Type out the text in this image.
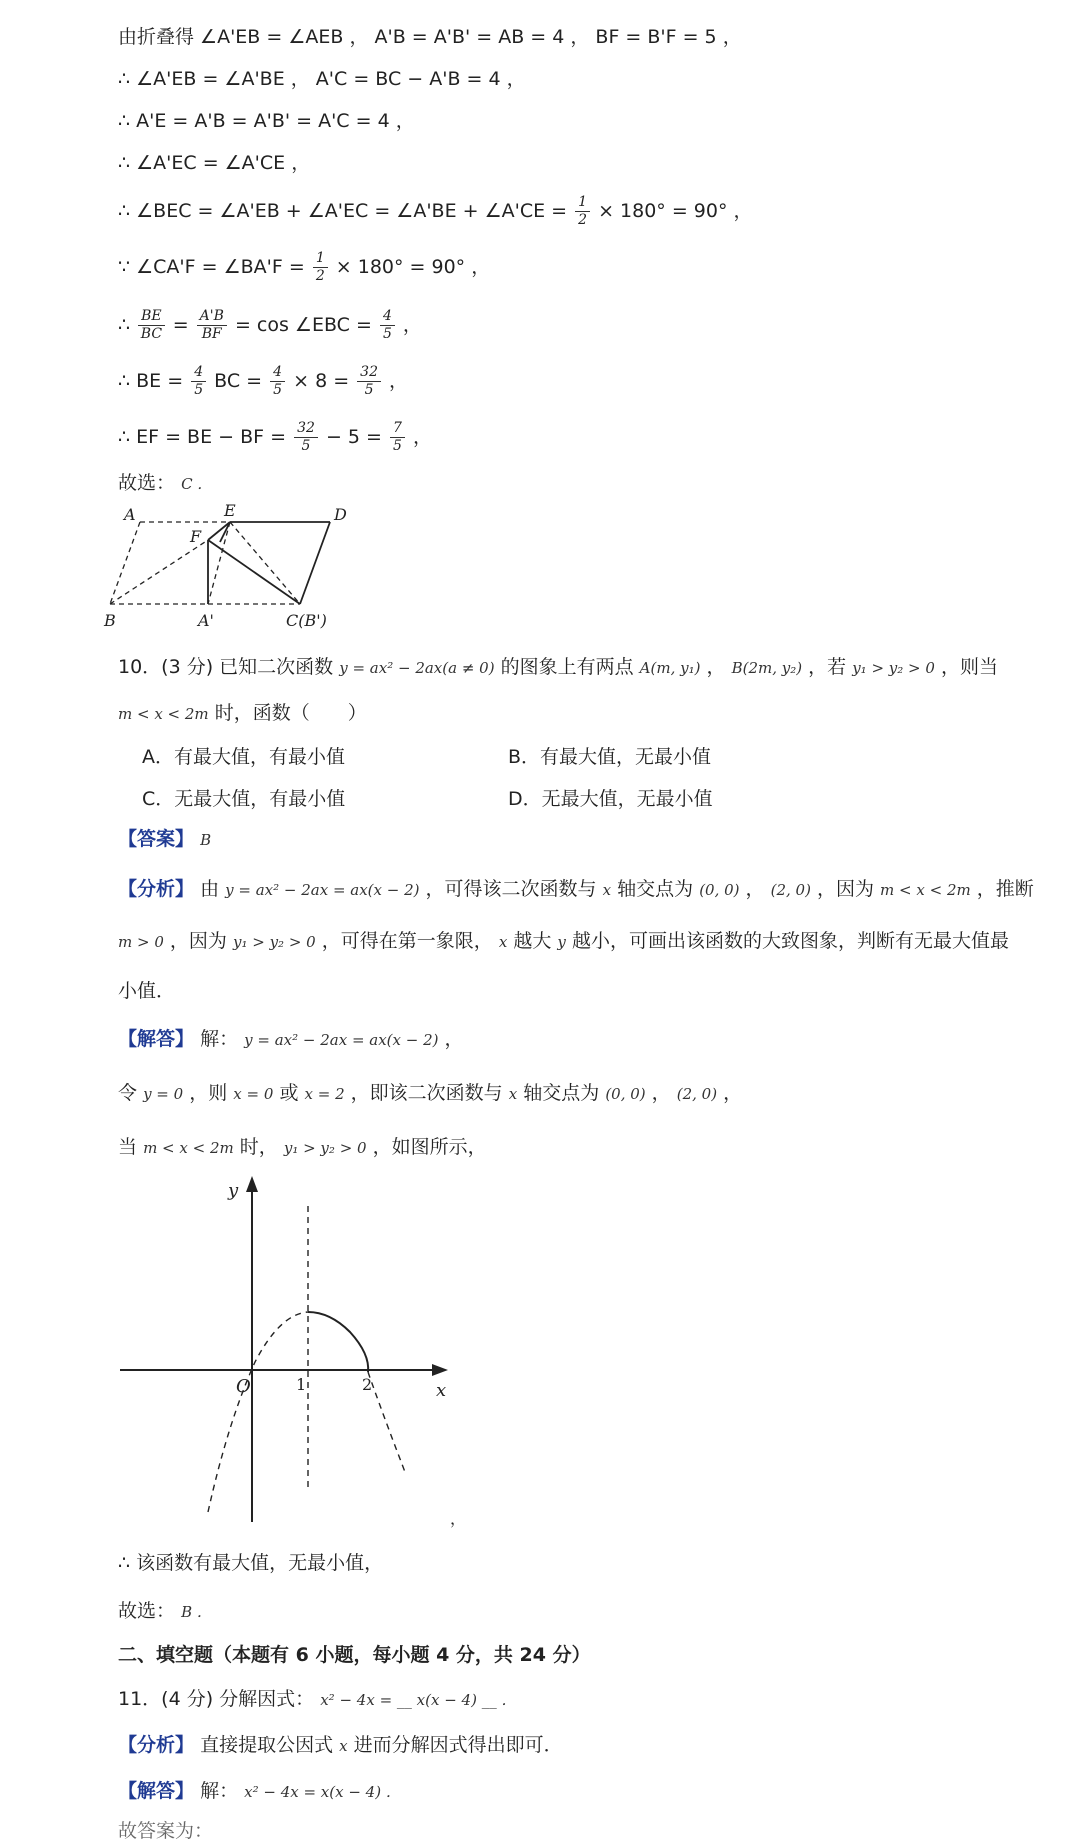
由折叠得 ∠A'EB = ∠AEB ， A'B = A'B' = AB = 4 ， BF = B'F = 5 ，
∴ ∠A'EB = ∠A'BE ， A'C = BC − A'B = 4 ，
∴ A'E = A'B = A'B' = A'C = 4 ，
∴ ∠A'EC = ∠A'CE ，
∴ ∠BEC = ∠A'EB + ∠A'EC = ∠A'BE + ∠A'CE = $\frac{1}{2} \times 180^\circ = 90^\circ$ ，
∵ ∠CA'F = ∠BA'F = $\frac{1}{2} \times 180^\circ = 90^\circ$ ，
∴ $\frac{BE}{BC} = \frac{A'B}{BF} = \cos$ ∠EBC = $\frac{4}{5}$ ，
∴ BE = $\frac{4}{5}$ BC = $\frac{4}{5} \times 8 = \frac{32}{5}$ ，
∴ EF = BE − BF = $\frac{32}{5} - 5 = \frac{7}{5}$ ，
故选： C ．
A	E	D
F
B	A'	C(B')
10．(3 分) 已知二次函数 y = ax² − 2ax(a ≠ 0) 的图象上有两点 A(m, y₁) ， B(2m, y₂) ，若 y₁ > y₂ > 0 ，则当
m < x < 2m 时，函数（　　）
A．有最大值，有最小值	B．有最大值，无最小值
C．无最大值，有最小值	D．无最大值，无最小值
【答案】 B
【分析】 由 y = ax² − 2ax = ax(x − 2) ，可得该二次函数与 x 轴交点为 (0, 0) ， (2, 0) ，因为 m < x < 2m ，推断
m > 0 ，因为 y₁ > y₂ > 0 ，可得在第一象限， x 越大 y 越小，可画出该函数的大致图象，判断有无最大值最
小值．
【解答】 解： y = ax² − 2ax = ax(x − 2) ，
令 y = 0 ，则 x = 0 或 x = 2 ，即该二次函数与 x 轴交点为 (0, 0) ， (2, 0) ，
当 m < x < 2m 时， y₁ > y₂ > 0 ，如图所示，
y
x
O	1	2
，
∴ 该函数有最大值，无最小值，
故选： B ．
二、填空题（本题有 6 小题，每小题 4 分，共 24 分）
11．(4 分) 分解因式： x² − 4x = __ x(x − 4) __ ．
【分析】 直接提取公因式 x 进而分解因式得出即可．
【解答】 解： x² − 4x = x(x − 4) ．
故答案为：
